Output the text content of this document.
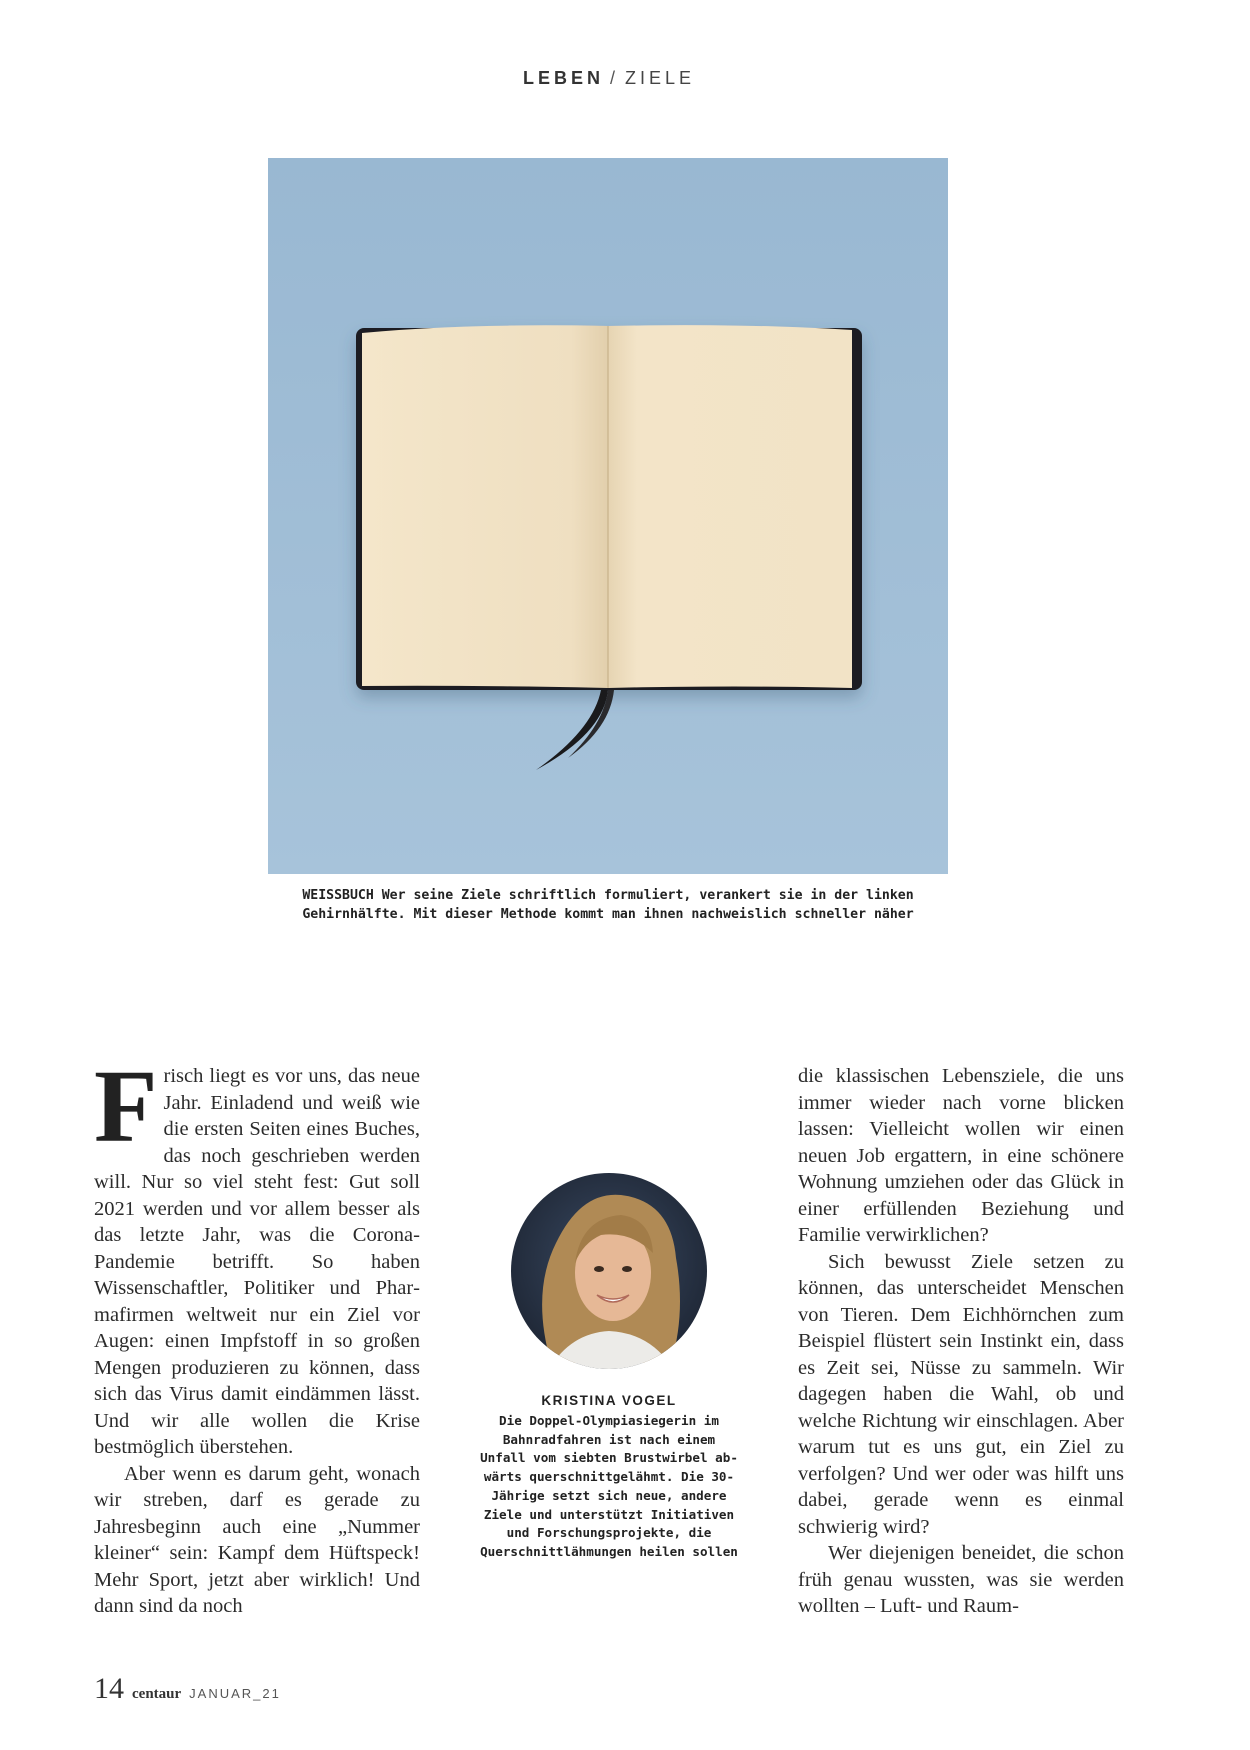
LEBEN / ZIELE
WEISSBUCH Wer seine Ziele schriftlich formuliert, verankert sie in der linken Gehirnhälfte. Mit dieser Methode kommt man ihnen nachweislich schneller näher

Frisch liegt es vor uns, das neue Jahr. Einladend und weiß wie die ersten Seiten eines Buches, das noch geschrieben werden will. Nur so viel steht fest: Gut soll 2021 werden und vor allem besser als das letzte Jahr, was die Corona-Pandemie betrifft. So haben Wissenschaftler, Politiker und Pharmafirmen weltweit nur ein Ziel vor Augen: einen Impfstoff in so großen Mengen produzieren zu können, dass sich das Virus damit eindämmen lässt. Und wir alle wollen die Krise bestmöglich überstehen.

Aber wenn es darum geht, wonach wir streben, darf es gerade zu Jahresbeginn auch eine „Nummer kleiner“ sein: Kampf dem Hüftspeck! Mehr Sport, jetzt aber wirklich! Und dann sind da noch

KRISTINA VOGEL
Die Doppel-Olympiasiegerin im Bahnradfahren ist nach einem Unfall vom siebten Brustwirbel abwärts querschnittgelähmt. Die 30-Jährige setzt sich neue, andere Ziele und unterstützt Initiativen und Forschungsprojekte, die Querschnittlähmungen heilen sollen

die klassischen Lebensziele, die uns immer wieder nach vorne blicken lassen: Vielleicht wollen wir einen neuen Job ergattern, in eine schönere Wohnung umziehen oder das Glück in einer erfüllenden Beziehung und Familie verwirklichen?

Sich bewusst Ziele setzen zu können, das unterscheidet Menschen von Tieren. Dem Eichhörnchen zum Beispiel flüstert sein Instinkt ein, dass es Zeit sei, Nüsse zu sammeln. Wir dagegen haben die Wahl, ob und welche Richtung wir einschlagen. Aber warum tut es uns gut, ein Ziel zu verfolgen? Und wer oder was hilft uns dabei, gerade wenn es einmal schwierig wird?

Wer diejenigen beneidet, die schon früh genau wussten, was sie werden wollten – Luft- und Raum-

14 centaur JANUAR_21
